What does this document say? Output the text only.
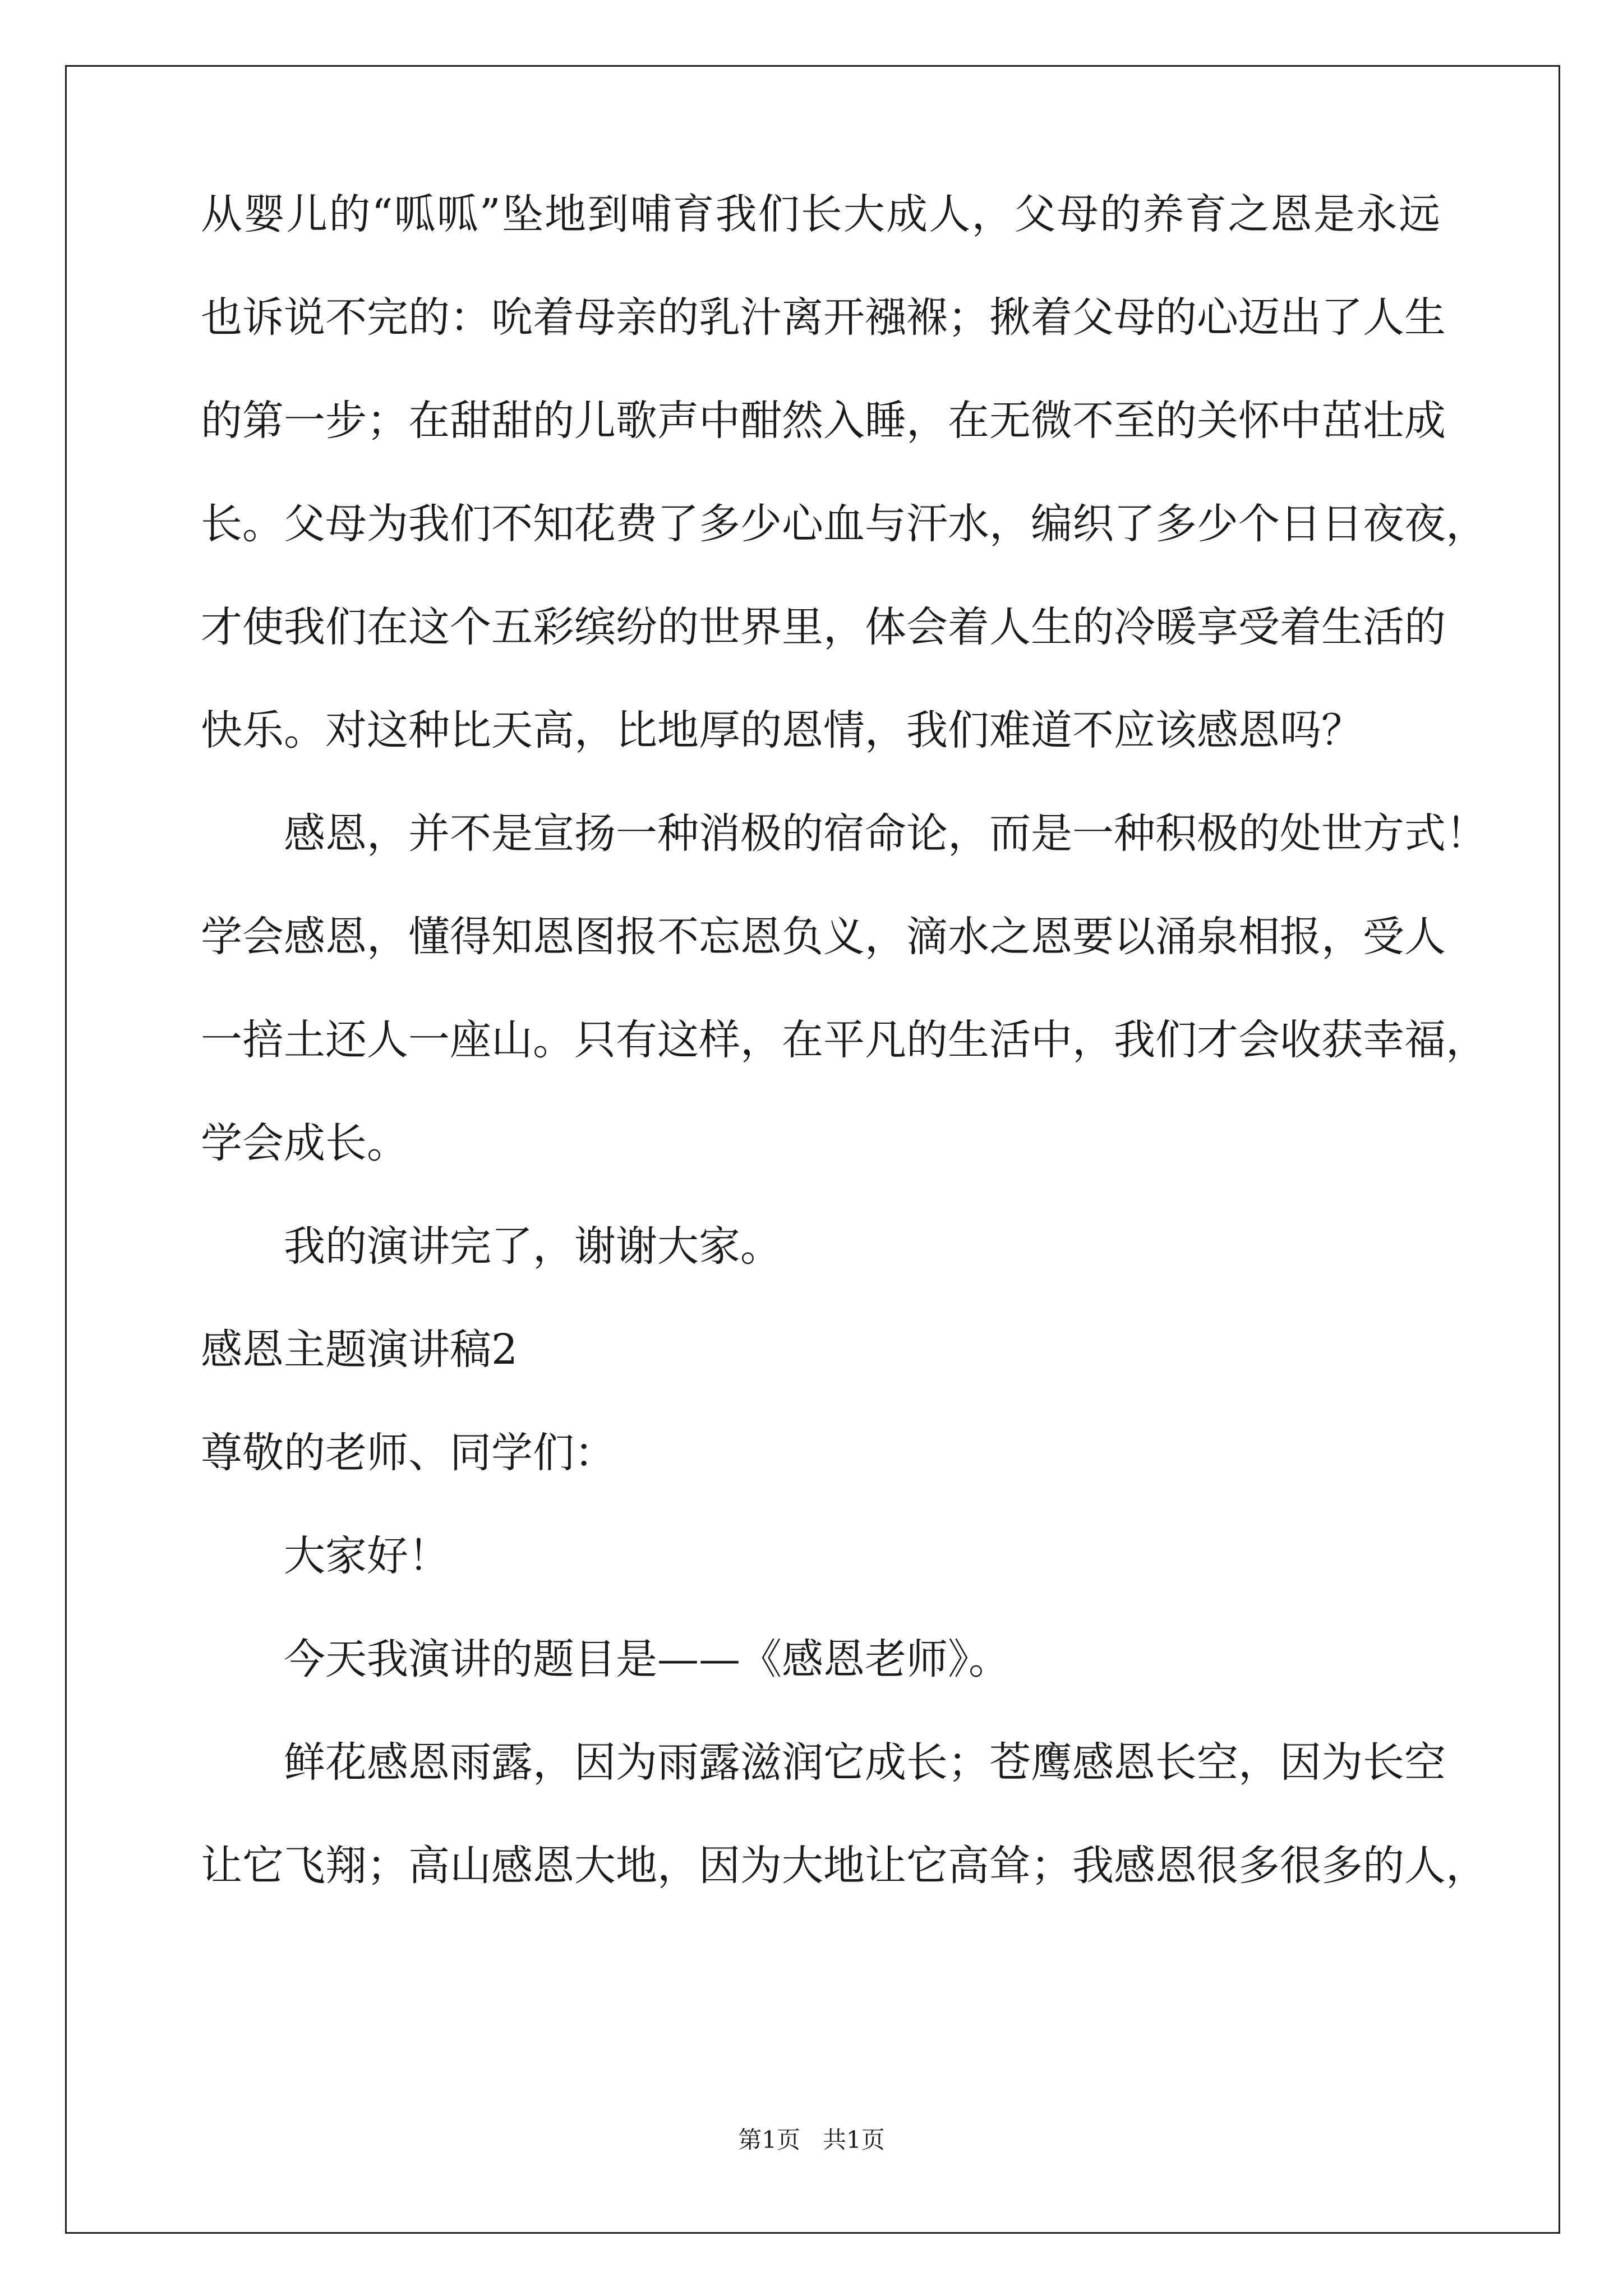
从婴儿的“呱呱”坠地到哺育我们长大成人，父母的养育之恩是永远
也诉说不完的：吮着母亲的乳汁离开襁褓；揪着父母的心迈出了人生
的第一步；在甜甜的儿歌声中酣然入睡，在无微不至的关怀中茁壮成
长。父母为我们不知花费了多少心血与汗水，编织了多少个日日夜夜，
才使我们在这个五彩缤纷的世界里，体会着人生的冷暖享受着生活的
快乐。对这种比天高，比地厚的恩情，我们难道不应该感恩吗？
感恩，并不是宣扬一种消极的宿命论，而是一种积极的处世方式！
学会感恩，懂得知恩图报不忘恩负义，滴水之恩要以涌泉相报，受人
一掊土还人一座山。只有这样，在平凡的生活中，我们才会收获幸福，
学会成长。
我的演讲完了，谢谢大家。
感恩主题演讲稿2
尊敬的老师、同学们：
大家好！
今天我演讲的题目是——《感恩老师》。
鲜花感恩雨露，因为雨露滋润它成长；苍鹰感恩长空，因为长空
让它飞翔；高山感恩大地，因为大地让它高耸；我感恩很多很多的人，
第1页   共1页
